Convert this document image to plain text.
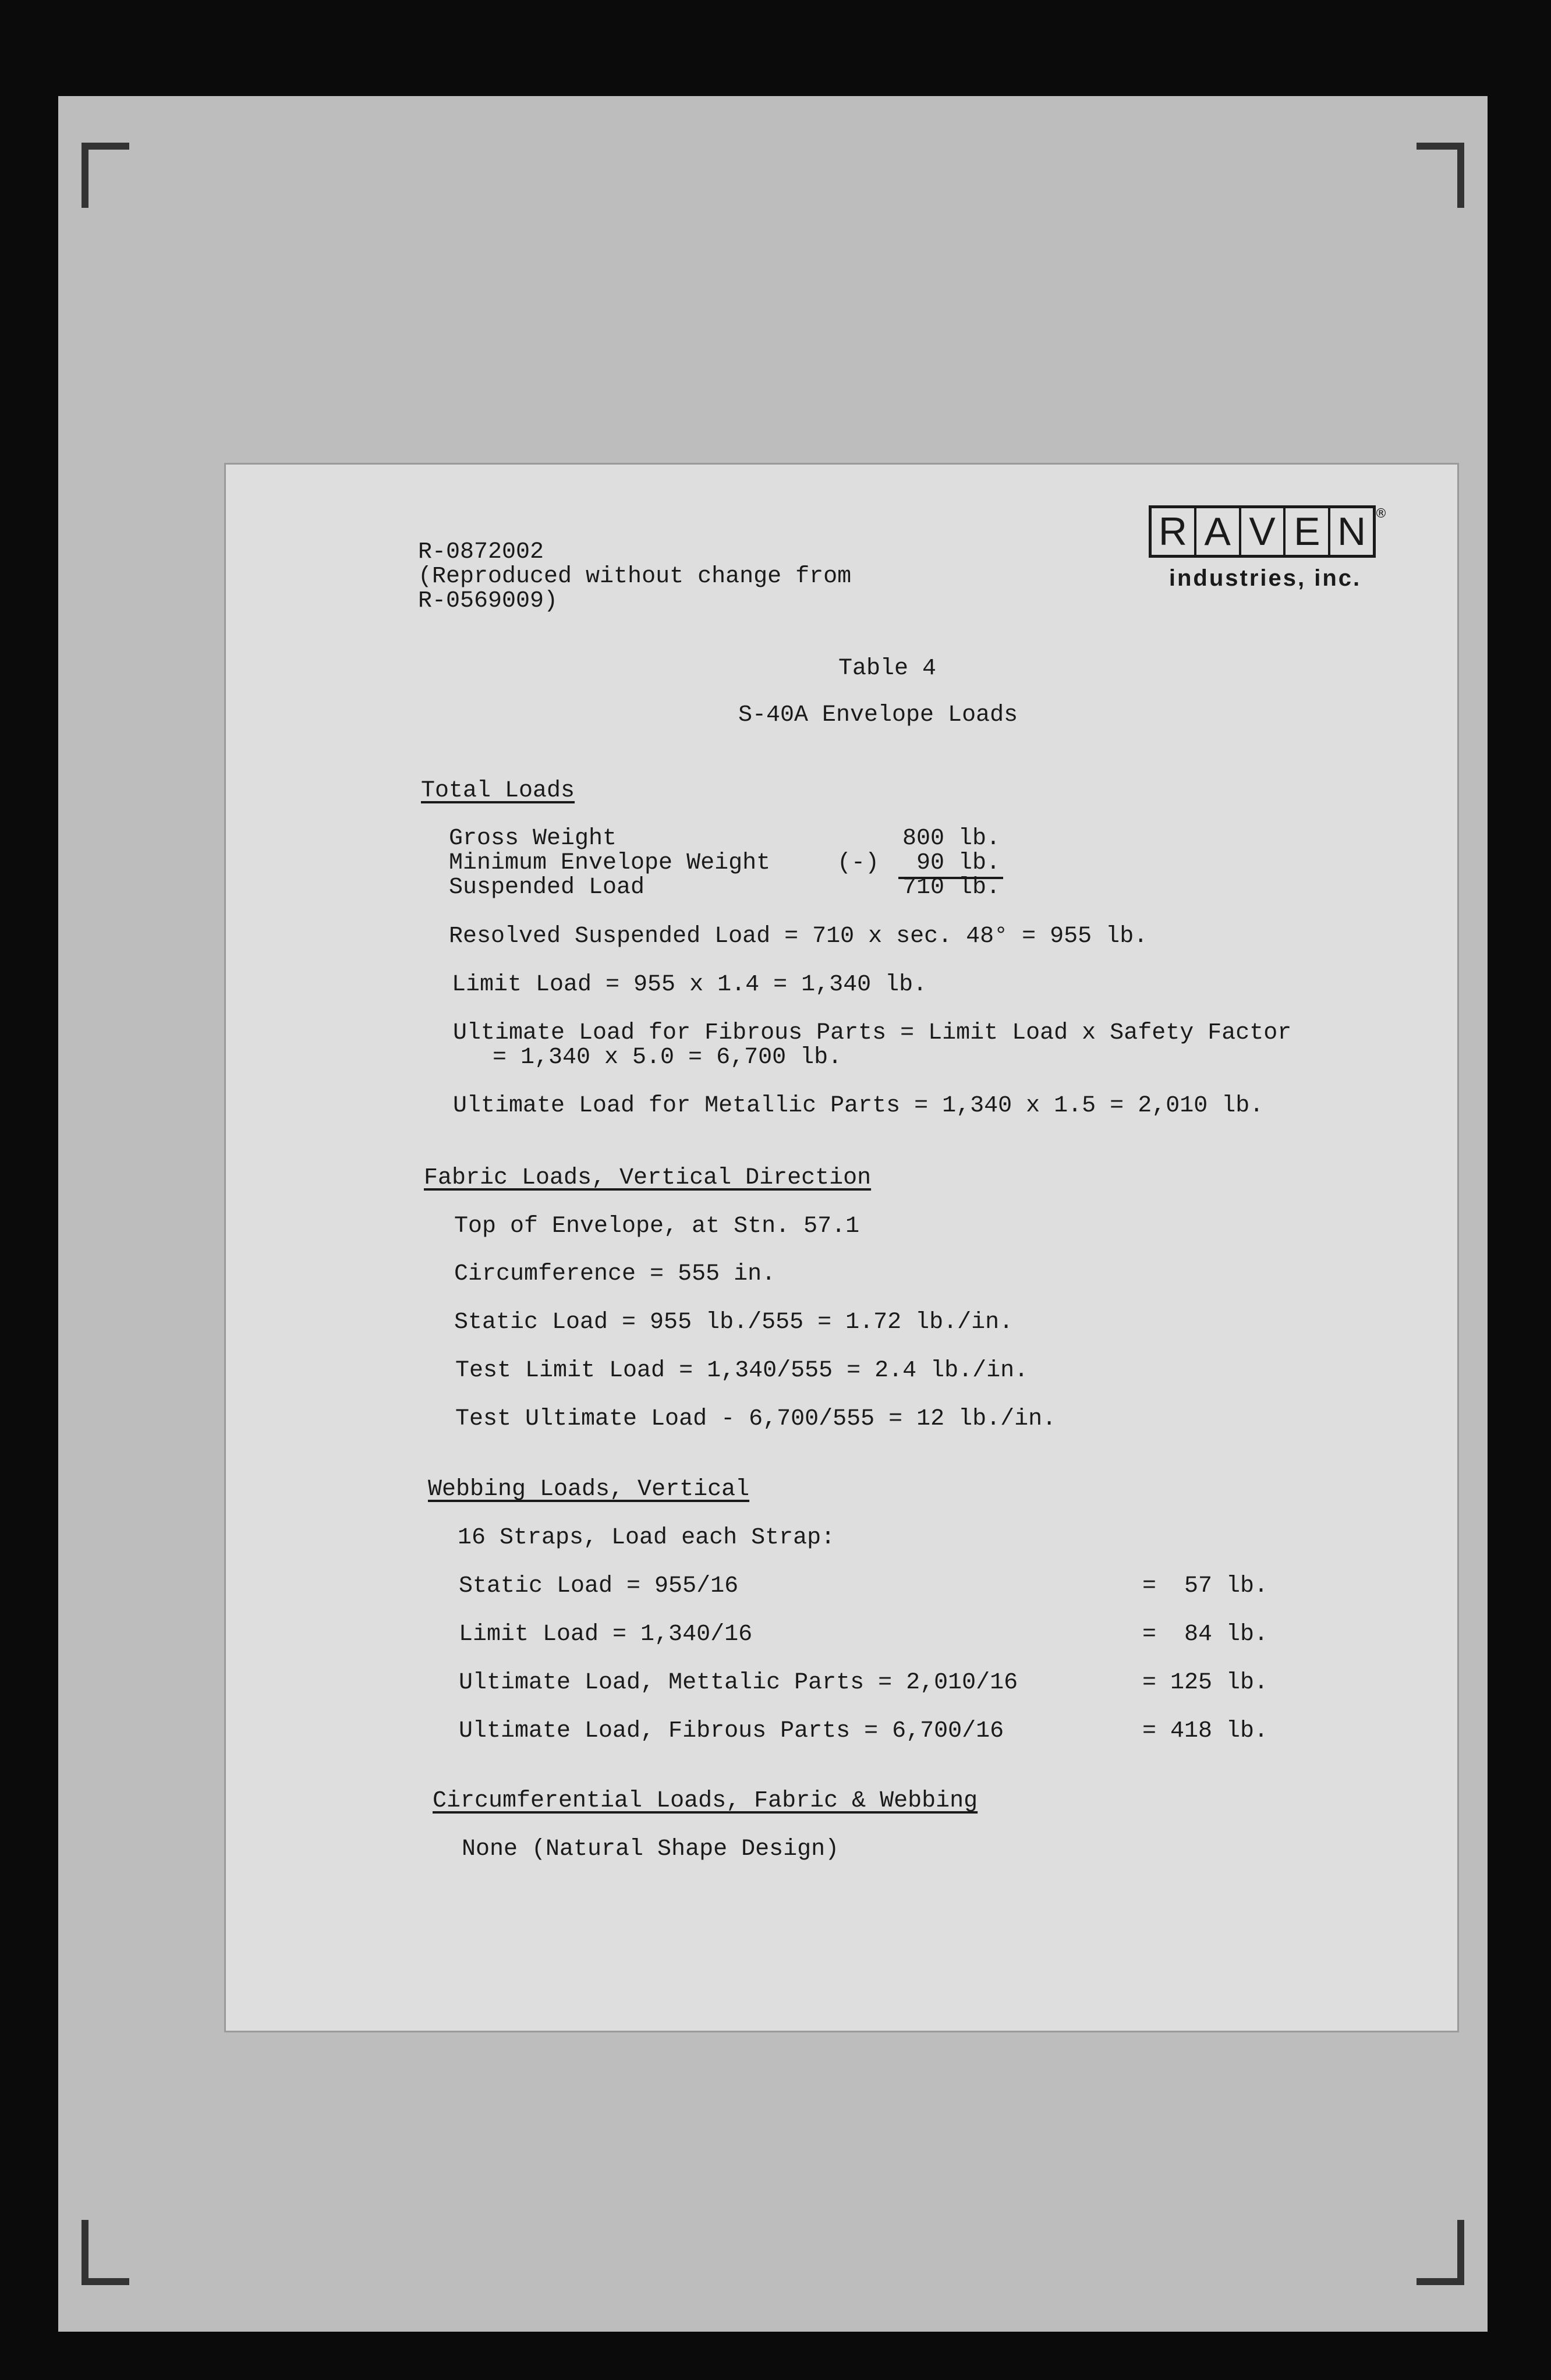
R-0872002
(Reproduced without change from
R-0569009)
R A V E N ®
industries, inc.
Table 4
S-40A Envelope Loads
Total Loads
Gross Weight	800 lb.
Minimum Envelope Weight	(-)	90 lb.
Suspended Load	710 lb.
Resolved Suspended Load = 710 x sec. 48° = 955 lb.
Limit Load = 955 x 1.4 = 1,340 lb.
Ultimate Load for Fibrous Parts = Limit Load x Safety Factor
= 1,340 x 5.0 = 6,700 lb.
Ultimate Load for Metallic Parts = 1,340 x 1.5 = 2,010 lb.
Fabric Loads, Vertical Direction
Top of Envelope, at Stn. 57.1
Circumference = 555 in.
Static Load = 955 lb./555 = 1.72 lb./in.
Test Limit Load = 1,340/555 = 2.4 lb./in.
Test Ultimate Load - 6,700/555 = 12 lb./in.
Webbing Loads, Vertical
16 Straps, Load each Strap:
Static Load = 955/16	=  57 lb.
Limit Load = 1,340/16	=  84 lb.
Ultimate Load, Mettalic Parts = 2,010/16	= 125 lb.
Ultimate Load, Fibrous Parts = 6,700/16	= 418 lb.
Circumferential Loads, Fabric & Webbing
None (Natural Shape Design)
